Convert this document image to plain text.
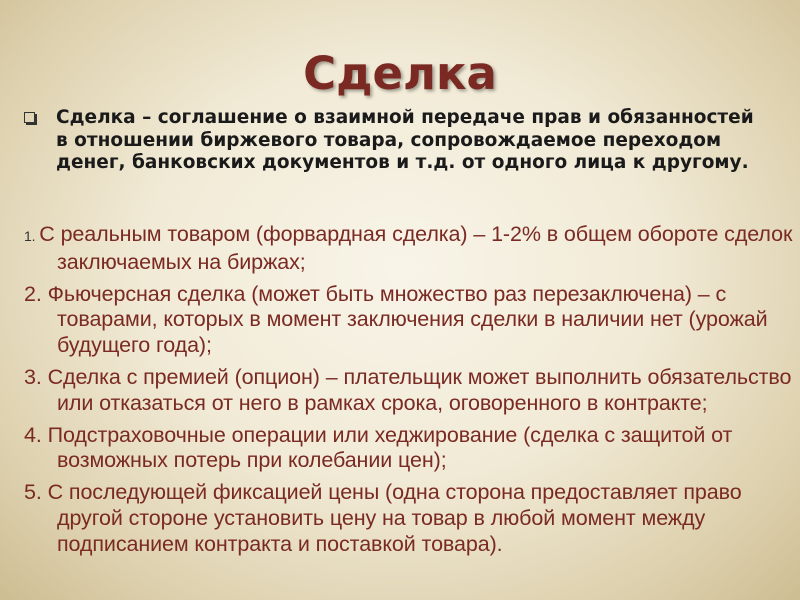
Сделка

Сделка – соглашение о взаимной передаче прав и обязанностей в отношении биржевого товара, сопровождаемое переходом денег, банковских документов и т.д. от одного лица к другому.

1. С реальным товаром (форвардная сделка) – 1-2% в общем обороте сделок заключаемых на биржах;
2. Фьючерсная сделка (может быть множество раз перезаключена) – с товарами, которых в момент заключения сделки в наличии нет (урожай будущего года);
3. Сделка с премией (опцион) – плательщик может выполнить обязательство или отказаться от него в рамках срока, оговоренного в контракте;
4. Подстраховочные операции или хеджирование (сделка с защитой от возможных потерь при колебании цен);
5. С последующей фиксацией цены (одна сторона предоставляет право другой стороне установить цену на товар в любой момент между подписанием контракта и поставкой товара).
